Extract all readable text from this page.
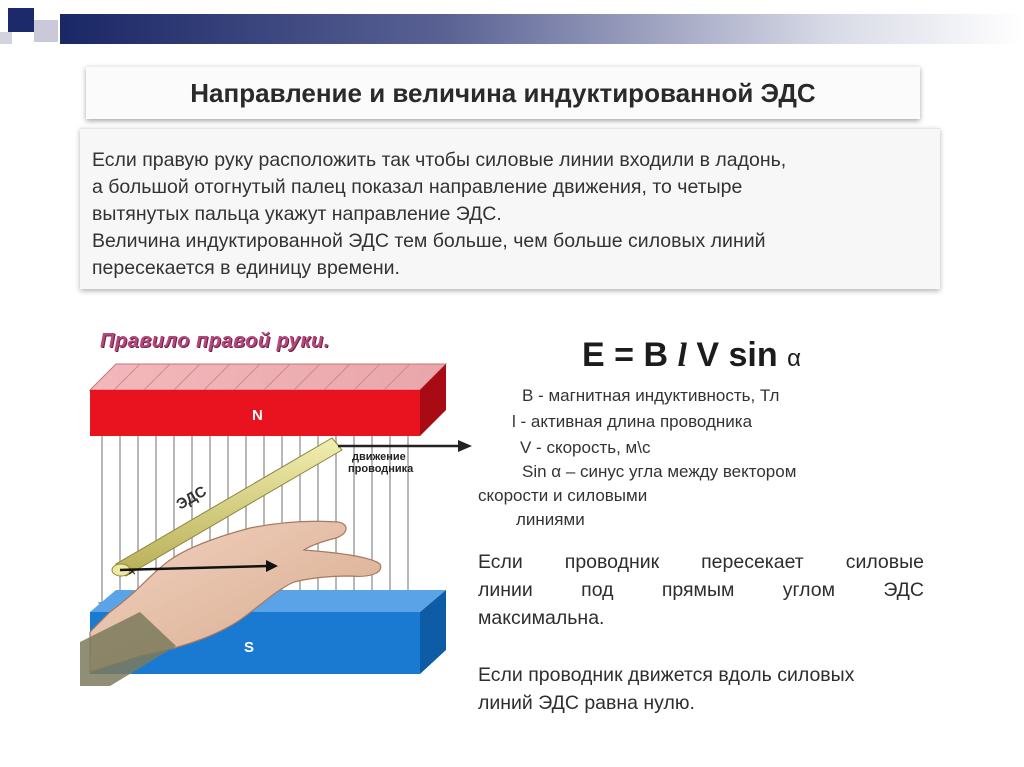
Направление и величина индуктированной ЭДС

Если правую руку расположить так чтобы силовые линии входили в ладонь,

а большой отогнутый палец показал направление движения, то четыре

вытянутых пальца укажут направление ЭДС.

Величина индуктированной ЭДС тем больше, чем больше силовых линий

пересекается в единицу времени.

Правило правой руки.
N
S
ЭДС
движение
проводника
×
E = B l V sin α
B - магнитная индуктивность, Тл
l - активная длина проводника
V - скорость, м\с
Sin α – синус угла между вектором
скорости и силовыми
линиями
Если проводник пересекает силовые
линии под прямым углом ЭДС
максимальна.
Если проводник движется вдоль силовых
линий ЭДС равна нулю.
